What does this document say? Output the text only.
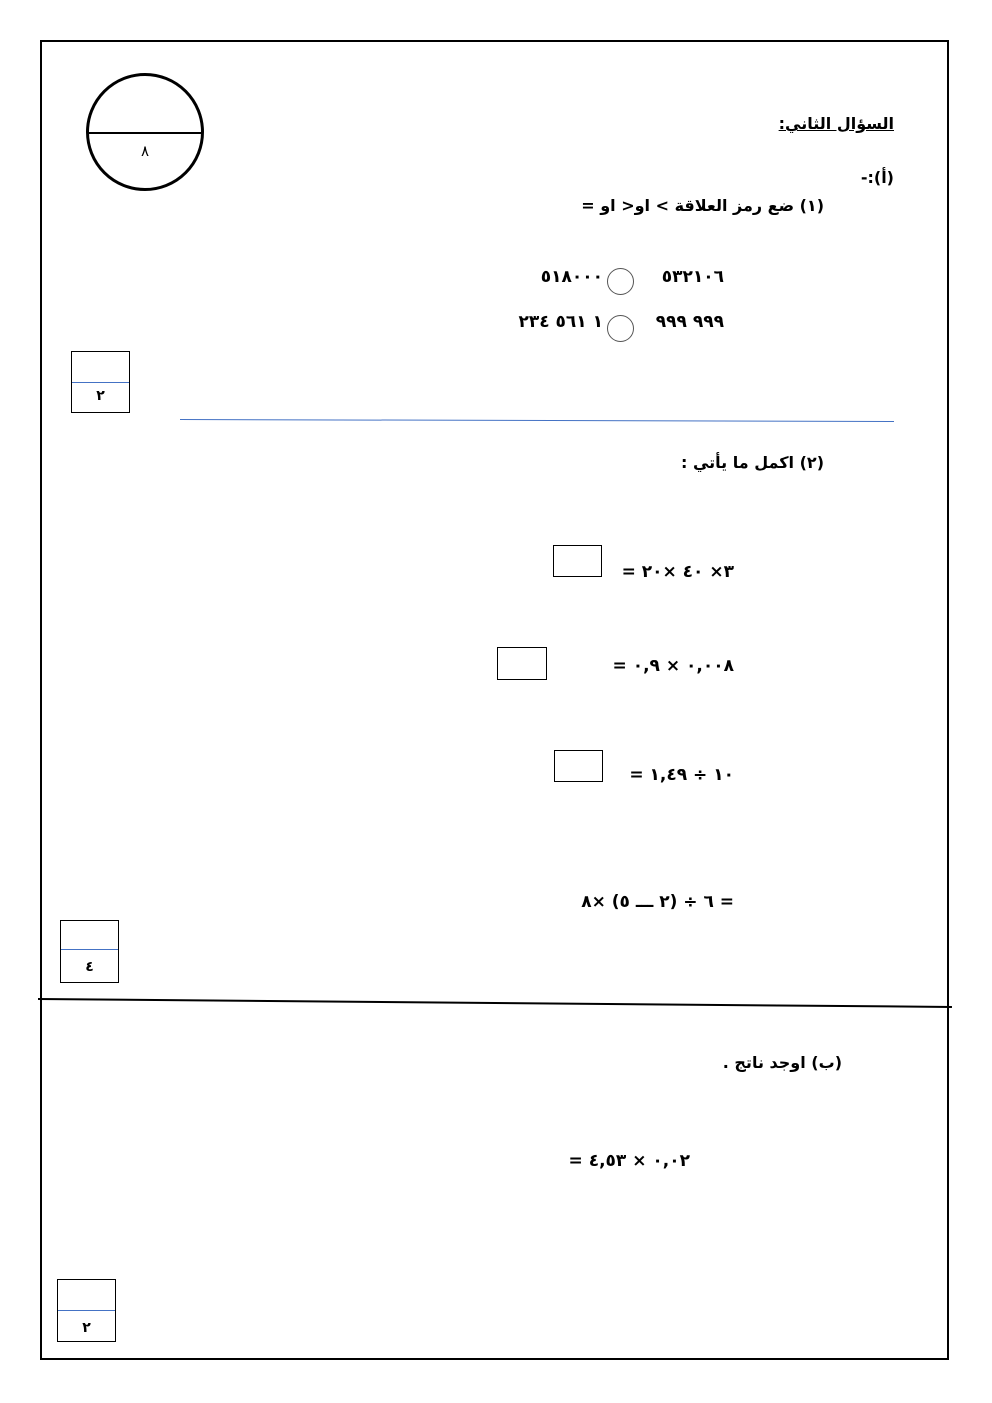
٨
السؤال الثاني:
(أ):-
(١) ضع رمز العلاقة > او< او =
٥٣٢١٠٦
٥١٨٠٠٠
٩٩٩ ٩٩٩
١ ٥٦١ ٢٣٤
٢
(٢) اكمل ما يأتي :
= ٣× ٤٠ ×٢٠
= ٠,٠٠٨ × ٠,٩
= ١٠ ÷ ١,٤٩
= ٦ ÷ (٢ ـــ ٥) ×٨
٤
(ب) اوجد ناتج .
= ٠,٠٢ × ٤,٥٣
٢
